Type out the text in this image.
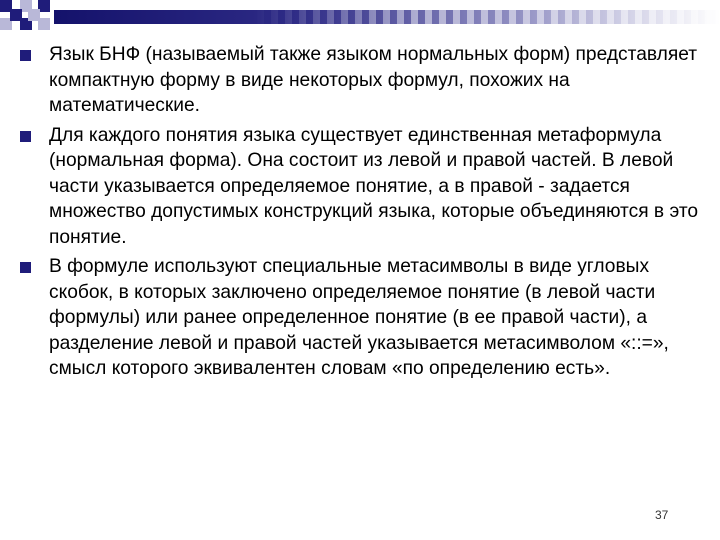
Язык БНФ (называемый также языком нормальных форм) представляет компактную форму в виде некоторых формул, похожих на математические.
Для каждого понятия языка существует единственная метаформула (нормальная форма). Она состоит из левой и правой частей. В левой части указывается определяемое понятие, а в правой - задается множество допустимых конструкций языка, которые объединяются в это понятие.
В формуле используют специальные метасимволы в виде угловых скобок, в которых заключено определяемое понятие (в левой части формулы) или ранее определенное понятие (в ее правой части), а разделение левой и правой частей указывается метасимволом «::=», смысл которого эквивалентен словам «по определению есть».
37
